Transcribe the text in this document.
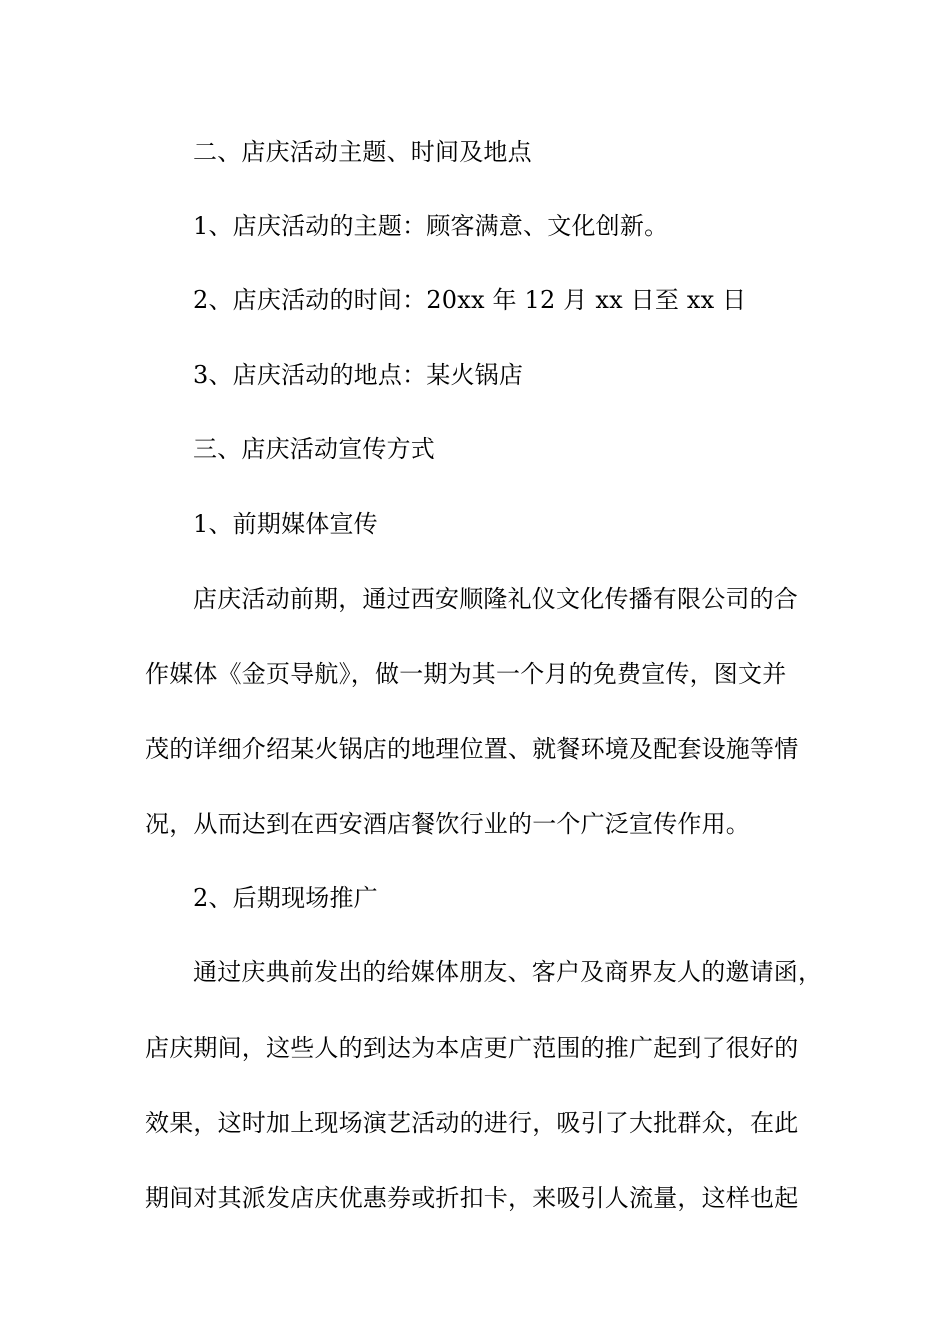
二、店庆活动主题、时间及地点
1、店庆活动的主题：顾客满意、文化创新。
2、店庆活动的时间：20xx 年 12 月 xx 日至 xx 日
3、店庆活动的地点：某火锅店
三、店庆活动宣传方式
1、前期媒体宣传
店庆活动前期，通过西安顺隆礼仪文化传播有限公司的合
作媒体《金页导航》，做一期为其一个月的免费宣传，图文并
茂的详细介绍某火锅店的地理位置、就餐环境及配套设施等情
况，从而达到在西安酒店餐饮行业的一个广泛宣传作用。
2、后期现场推广
通过庆典前发出的给媒体朋友、客户及商界友人的邀请函，
店庆期间，这些人的到达为本店更广范围的推广起到了很好的
效果，这时加上现场演艺活动的进行，吸引了大批群众，在此
期间对其派发店庆优惠券或折扣卡，来吸引人流量，这样也起
